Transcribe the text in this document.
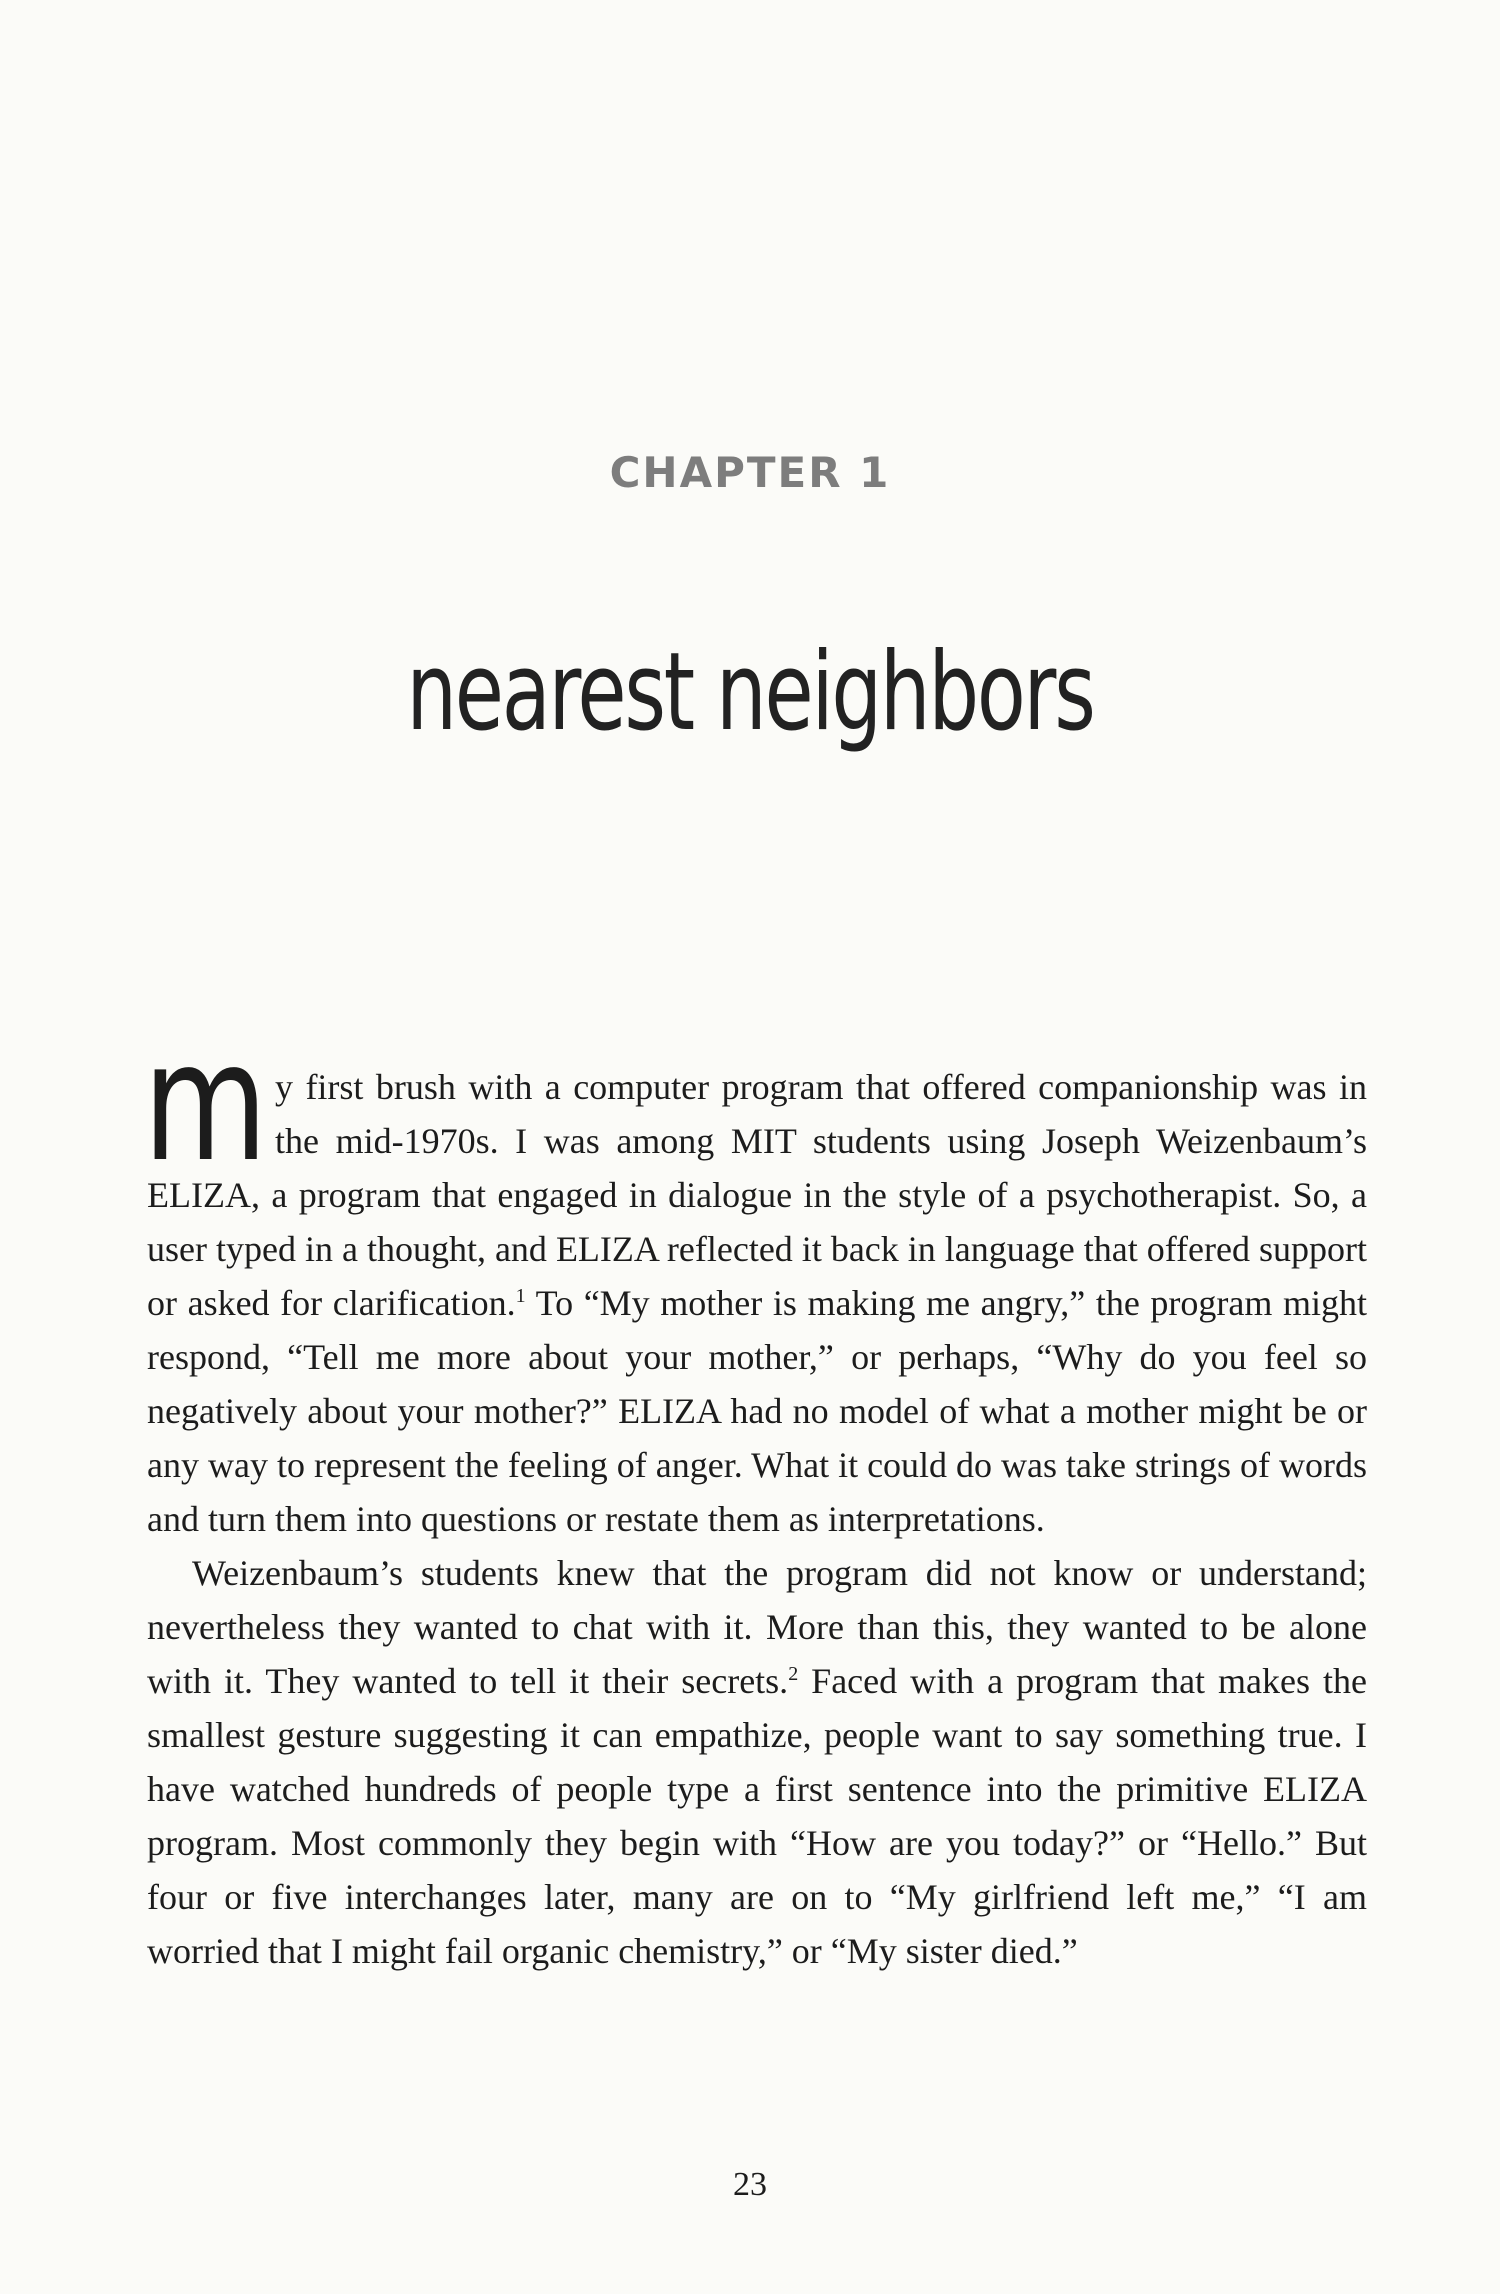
CHAPTER 1
nearest neighbors

my first brush with a computer program that offered companionship was in the mid-1970s. I was among MIT students using Joseph Weizenbaum’s ELIZA, a program that engaged in dialogue in the style of a psychotherapist. So, a user typed in a thought, and ELIZA reflected it back in language that offered support or asked for clarification.$^1$ To “My mother is making me angry,” the program might respond, “Tell me more about your mother,” or perhaps, “Why do you feel so negatively about your mother?” ELIZA had no model of what a mother might be or any way to represent the feeling of anger. What it could do was take strings of words and turn them into questions or restate them as interpretations.

Weizenbaum’s students knew that the program did not know or understand; nevertheless they wanted to chat with it. More than this, they wanted to be alone with it. They wanted to tell it their secrets.$^2$ Faced with a program that makes the smallest gesture suggesting it can empathize, people want to say something true. I have watched hundreds of people type a first sentence into the primitive ELIZA program. Most commonly they begin with “How are you today?” or “Hello.” But four or five interchanges later, many are on to “My girlfriend left me,” “I am worried that I might fail organic chemistry,” or “My sister died.”

23
